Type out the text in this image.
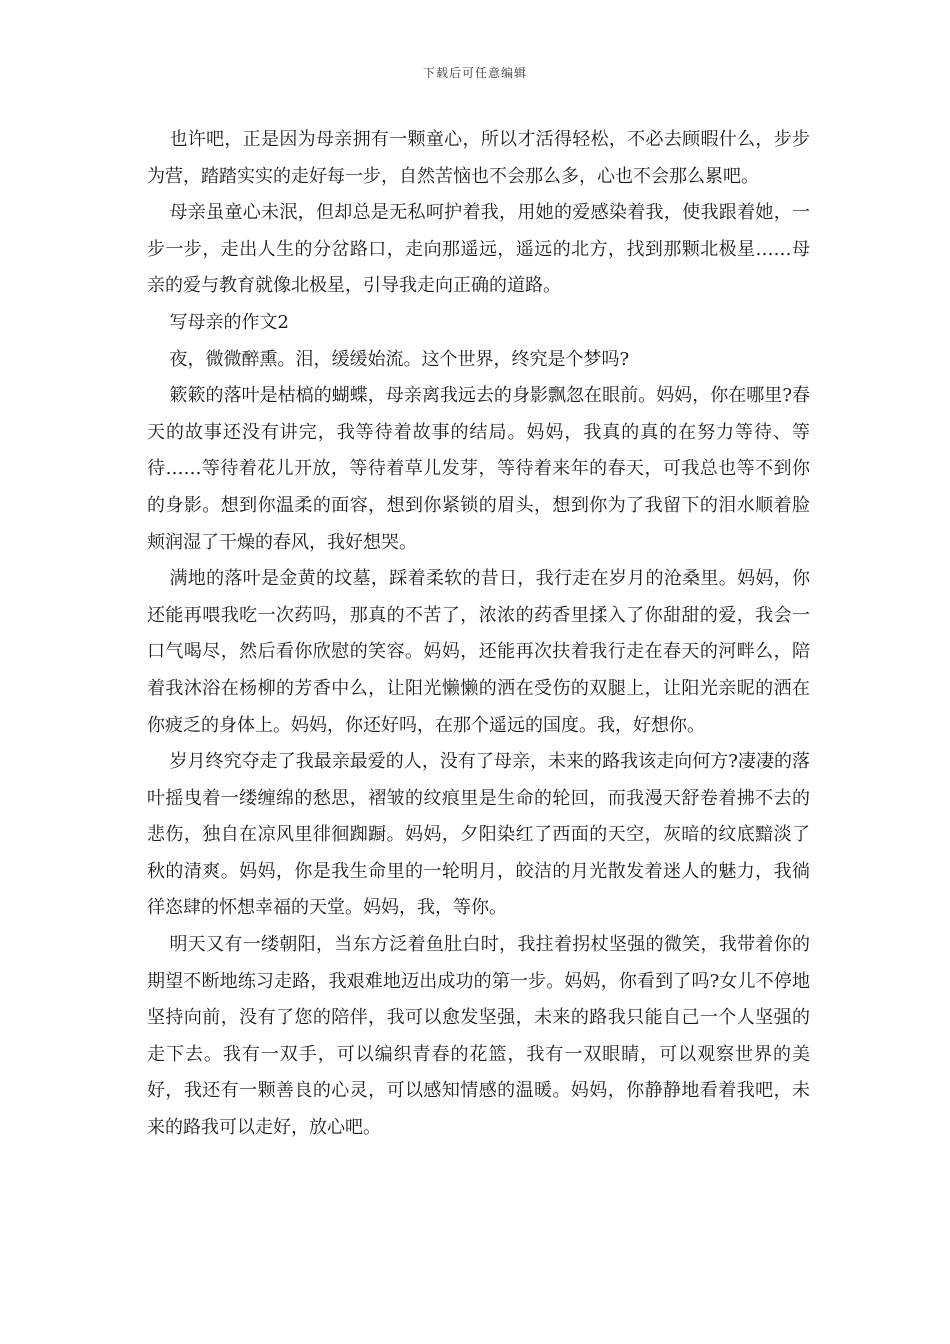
下载后可任意编辑

也许吧，正是因为母亲拥有一颗童心，所以才活得轻松，不必去顾暇什么，步步为营，踏踏实实的走好每一步，自然苦恼也不会那么多，心也不会那么累吧。

母亲虽童心未泯，但却总是无私呵护着我，用她的爱感染着我，使我跟着她，一步一步，走出人生的分岔路口，走向那遥远，遥远的北方，找到那颗北极星……母亲的爱与教育就像北极星，引导我走向正确的道路。

写母亲的作文2

夜，微微醉熏。泪，缓缓始流。这个世界，终究是个梦吗?

簌簌的落叶是枯槁的蝴蝶，母亲离我远去的身影飘忽在眼前。妈妈，你在哪里?春天的故事还没有讲完，我等待着故事的结局。妈妈，我真的真的在努力等待、等待……等待着花儿开放，等待着草儿发芽，等待着来年的春天，可我总也等不到你的身影。想到你温柔的面容，想到你紧锁的眉头，想到你为了我留下的泪水顺着脸颊润湿了干燥的春风，我好想哭。

满地的落叶是金黄的坟墓，踩着柔软的昔日，我行走在岁月的沧桑里。妈妈，你还能再喂我吃一次药吗，那真的不苦了，浓浓的药香里揉入了你甜甜的爱，我会一口气喝尽，然后看你欣慰的笑容。妈妈，还能再次扶着我行走在春天的河畔么，陪着我沐浴在杨柳的芳香中么，让阳光懒懒的洒在受伤的双腿上，让阳光亲昵的洒在你疲乏的身体上。妈妈，你还好吗，在那个遥远的国度。我，好想你。

岁月终究夺走了我最亲最爱的人，没有了母亲，未来的路我该走向何方?凄凄的落叶摇曳着一缕缠绵的愁思，褶皱的纹痕里是生命的轮回，而我漫天舒卷着拂不去的悲伤，独自在凉风里徘徊踟蹰。妈妈，夕阳染红了西面的天空，灰暗的纹底黯淡了秋的清爽。妈妈，你是我生命里的一轮明月，皎洁的月光散发着迷人的魅力，我徜徉恣肆的怀想幸福的天堂。妈妈，我，等你。

明天又有一缕朝阳，当东方泛着鱼肚白时，我拄着拐杖坚强的微笑，我带着你的期望不断地练习走路，我艰难地迈出成功的第一步。妈妈，你看到了吗?女儿不停地坚持向前，没有了您的陪伴，我可以愈发坚强，未来的路我只能自己一个人坚强的走下去。我有一双手，可以编织青春的花篮，我有一双眼睛，可以观察世界的美好，我还有一颗善良的心灵，可以感知情感的温暖。妈妈，你静静地看着我吧，未来的路我可以走好，放心吧。
